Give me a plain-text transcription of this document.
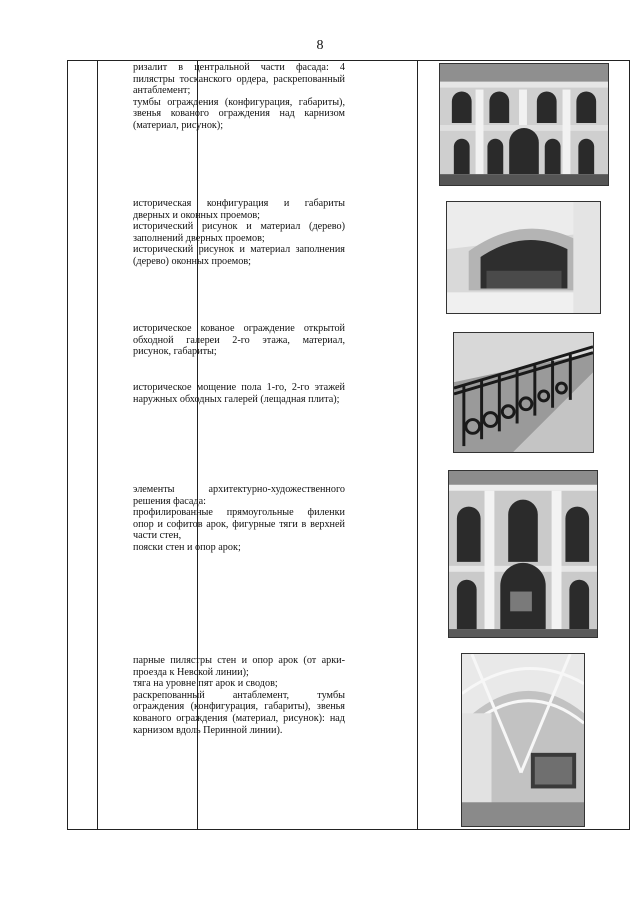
8

ризалит в центральной части фасада: 4 пилястры тосканского ордера, раскрепованный антаблемент;

тумбы ограждения (конфигурация, габариты), звенья кованого ограждения над карнизом (материал, рисунок);

историческая конфигурация и габариты дверных и оконных проемов;

исторический рисунок и материал (дерево) заполнений дверных проемов;

исторический рисунок и материал заполнения (дерево) оконных проемов;

историческое кованое ограждение открытой обходной галереи 2-го этажа, материал, рисунок, габариты;

историческое мощение пола 1-го, 2-го этажей наружных обходных галерей (лещадная плита);

элементы архитектурно-художественного решения фасада:

профилированные прямоугольные филенки опор и софитов арок, фигурные тяги в верхней части стен,

пояски стен и опор арок;

парные пилястры стен и опор арок (от арки-проезда к Невской линии);

тяга на уровне пят арок и сводов;

раскрепованный антаблемент, тумбы ограждения (конфигурация, габариты), звенья кованого ограждения (материал, рисунок): над карнизом вдоль Перинной линии).
